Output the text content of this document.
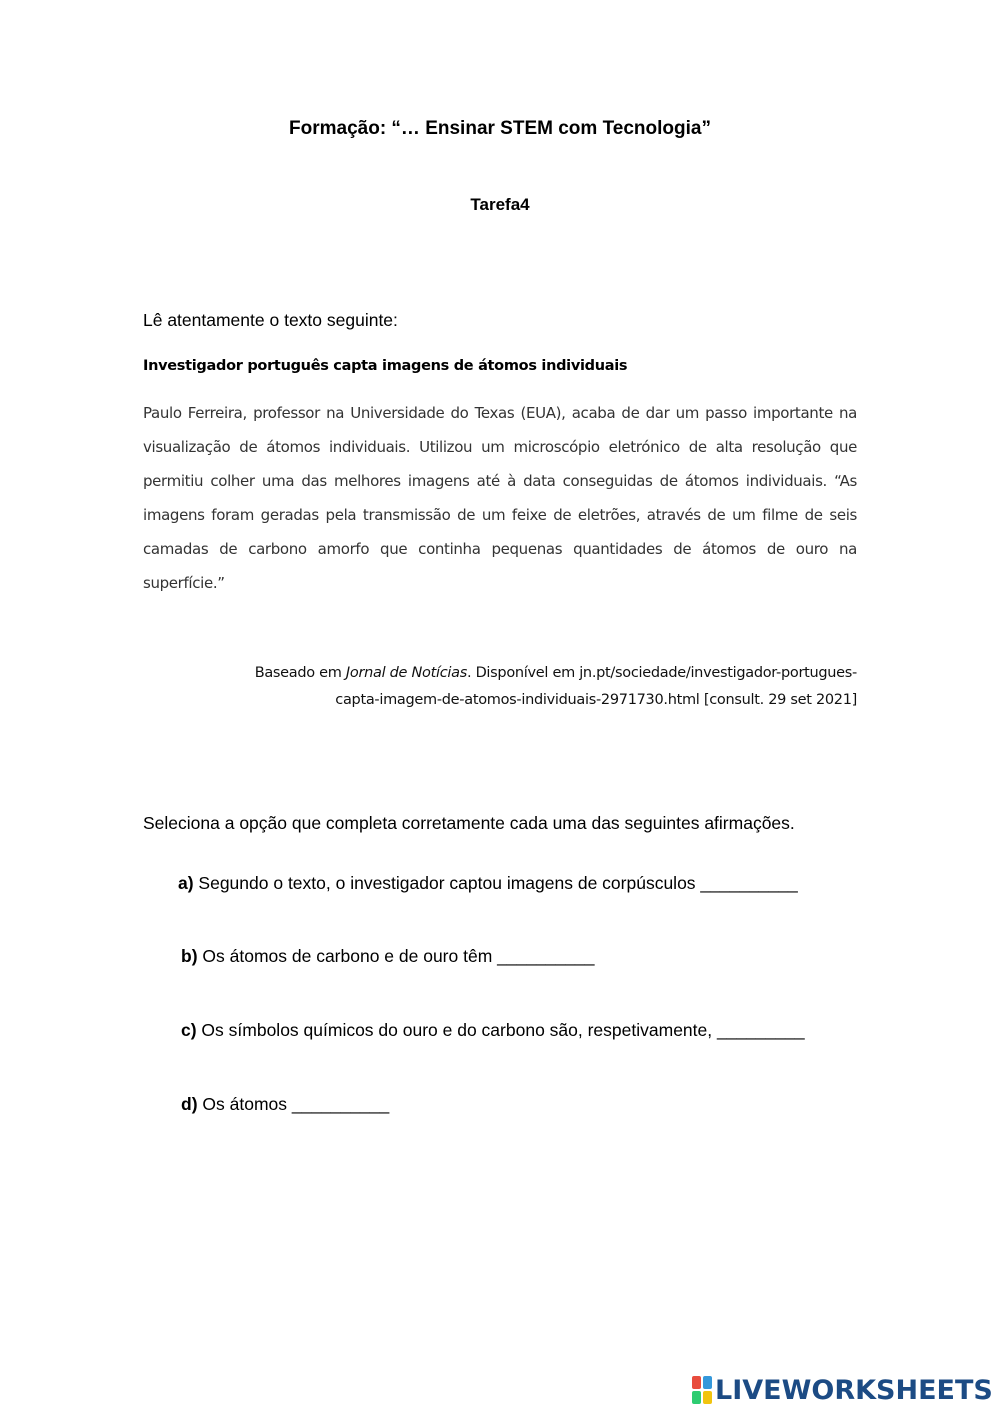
Formação: “… Ensinar STEM com Tecnologia”
Tarefa4
Lê atentamente o texto seguinte:
Investigador português capta imagens de átomos individuais
Paulo Ferreira, professor na Universidade do Texas (EUA), acaba de dar um passo importante na visualização de átomos individuais. Utilizou um microscópio eletrónico de alta resolução que permitiu colher uma das melhores imagens até à data conseguidas de átomos individuais. “As imagens foram geradas pela transmissão de um feixe de eletrões, através de um filme de seis camadas de carbono amorfo que continha pequenas quantidades de átomos de ouro na superfície.”
Baseado em Jornal de Notícias. Disponível em jn.pt/sociedade/investigador-portugues-
capta-imagem-de-atomos-individuais-2971730.html [consult. 29 set 2021]
Seleciona a opção que completa corretamente cada uma das seguintes afirmações.
a) Segundo o texto, o investigador captou imagens de corpúsculos __________
b) Os átomos de carbono e de ouro têm __________
c) Os símbolos químicos do ouro e do carbono são, respetivamente, _________
d) Os átomos __________
LIVEWORKSHEETS
